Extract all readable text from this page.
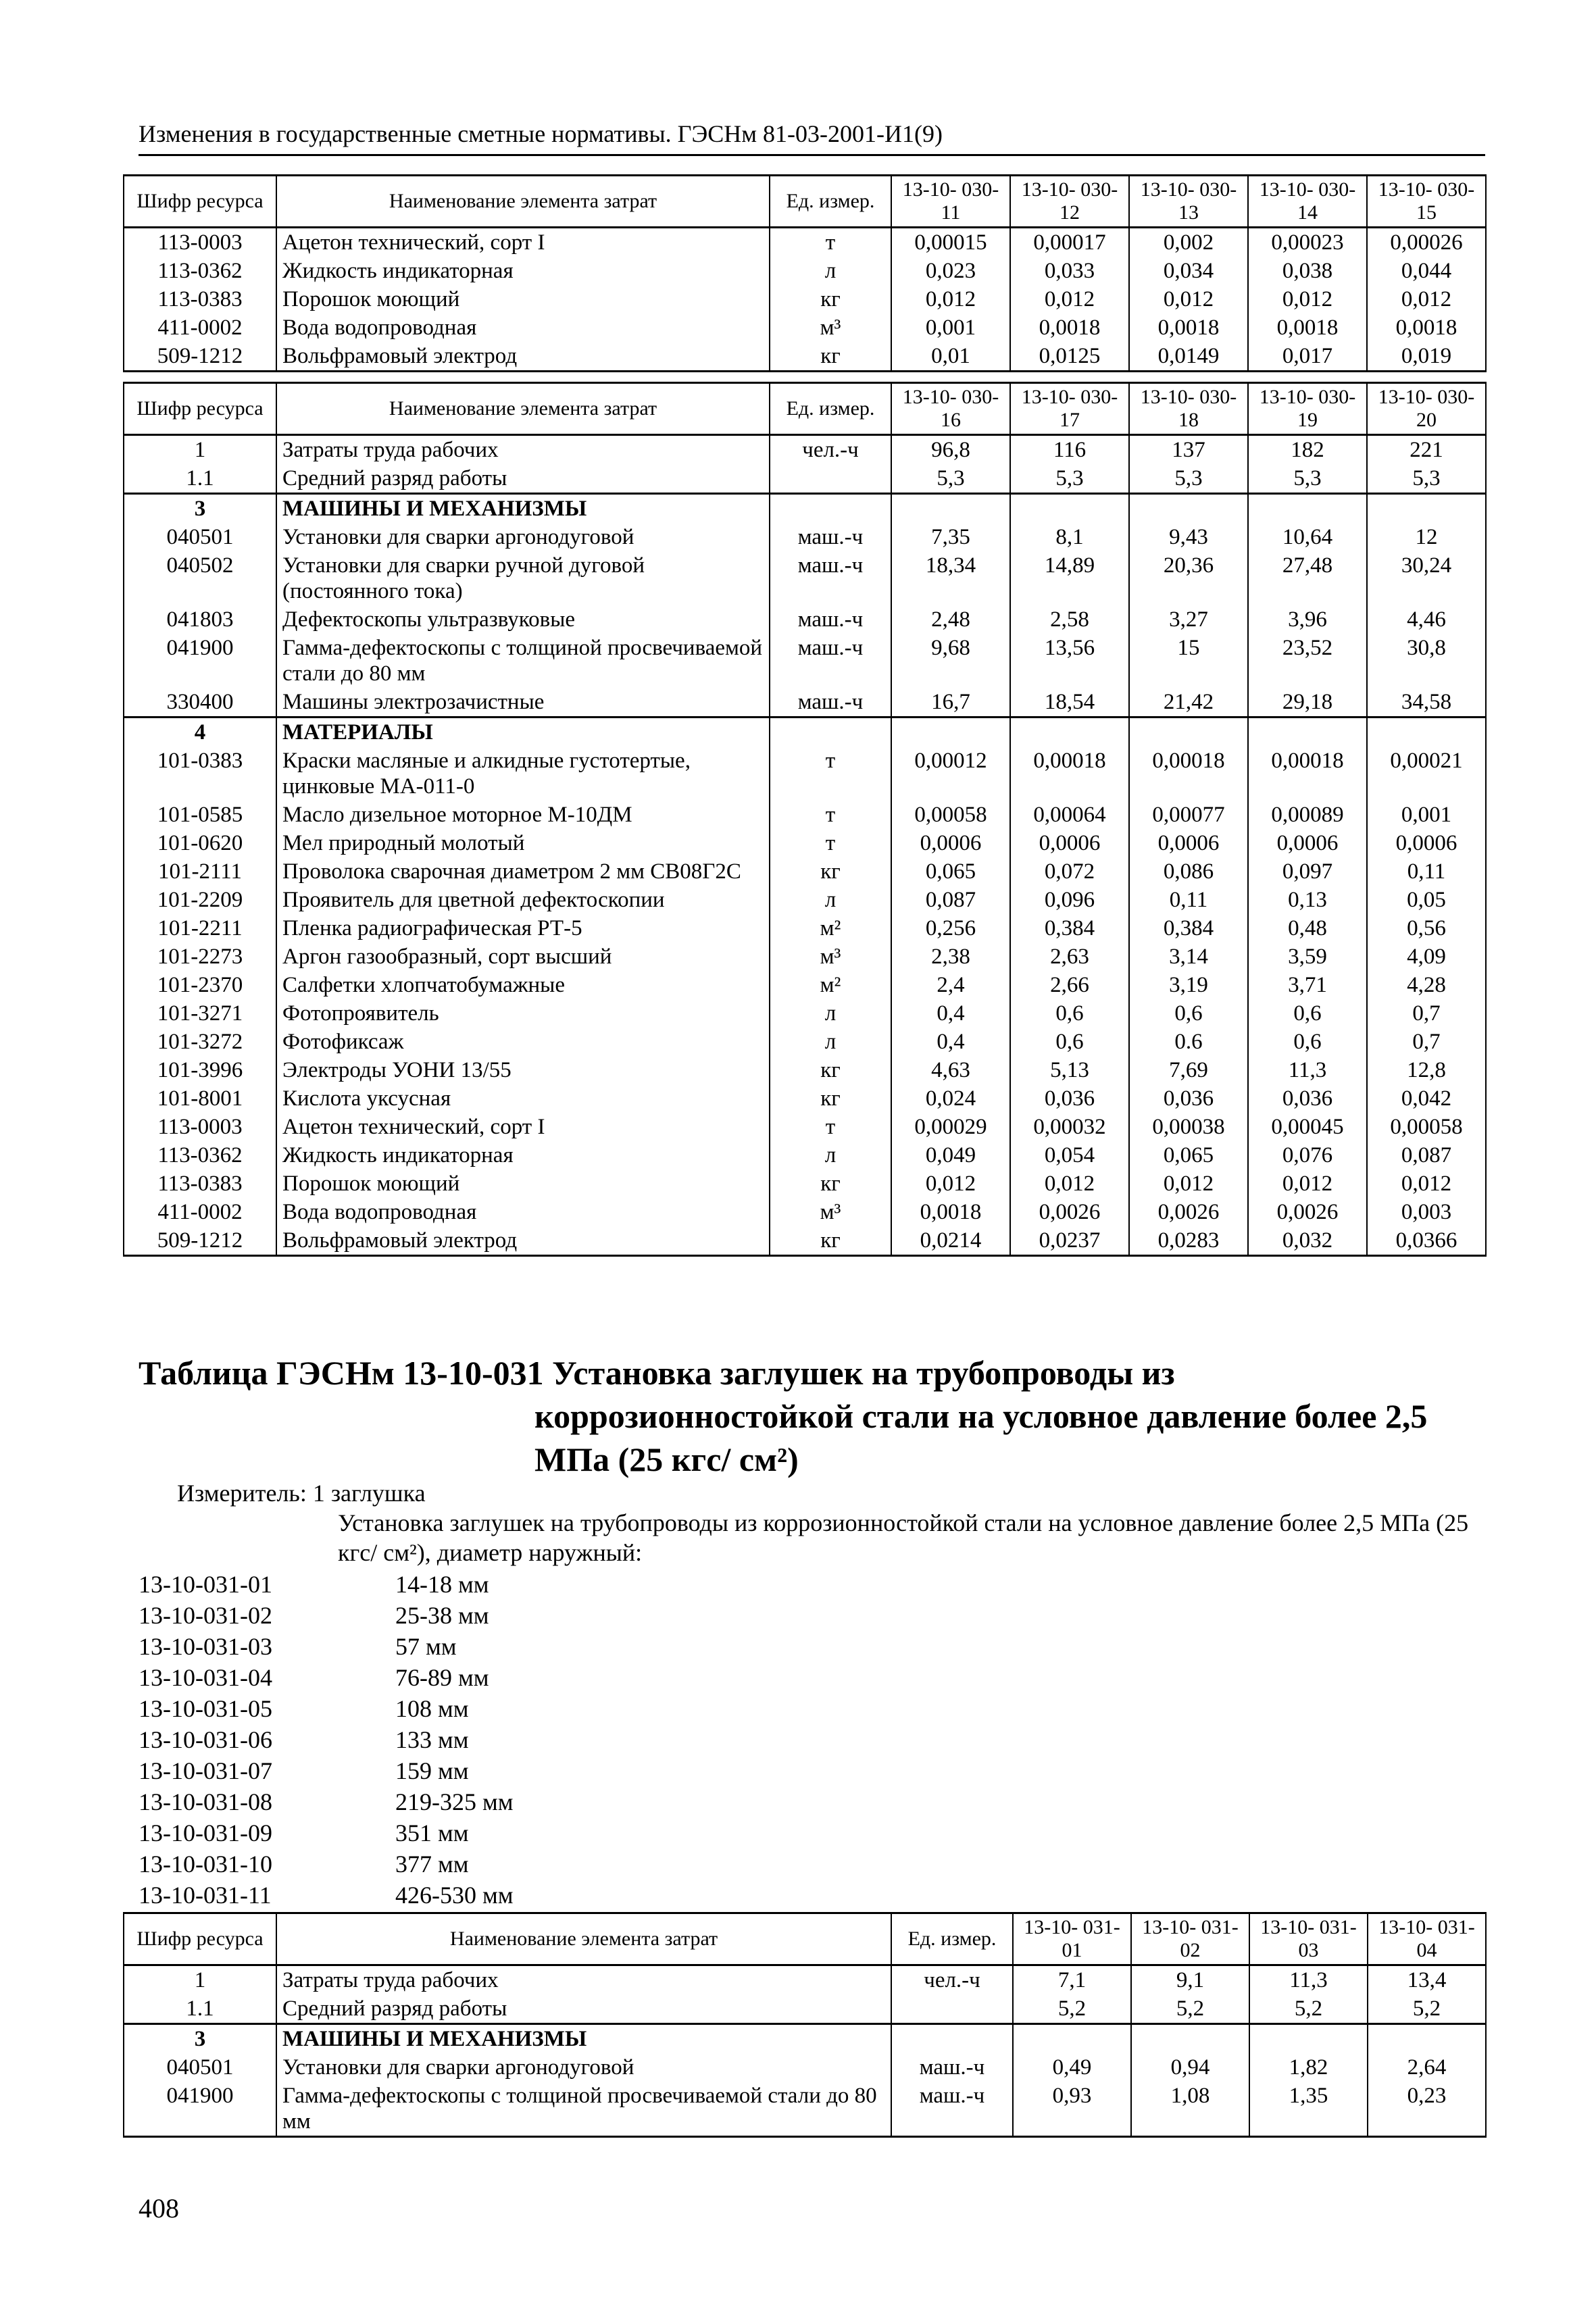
Изменения в государственные сметные нормативы. ГЭСНм 81-03-2001-И1(9)
Шифр ресурса	Наименование элемента затрат	Ед. измер.	13-10- 030-11	13-10- 030-12	13-10- 030-13	13-10- 030-14	13-10- 030-15
113-0003	Ацетон технический, сорт I	т	0,00015	0,00017	0,002	0,00023	0,00026
113-0362	Жидкость индикаторная	л	0,023	0,033	0,034	0,038	0,044
113-0383	Порошок моющий	кг	0,012	0,012	0,012	0,012	0,012
411-0002	Вода водопроводная	м³	0,001	0,0018	0,0018	0,0018	0,0018
509-1212	Вольфрамовый электрод	кг	0,01	0,0125	0,0149	0,017	0,019
Шифр ресурса	Наименование элемента затрат	Ед. измер.	13-10- 030-16	13-10- 030-17	13-10- 030-18	13-10- 030-19	13-10- 030-20
1	Затраты труда рабочих	чел.-ч	96,8	116	137	182	221
1.1	Средний разряд работы		5,3	5,3	5,3	5,3	5,3
3	МАШИНЫ И МЕХАНИЗМЫ						
040501	Установки для сварки аргонодуговой	маш.-ч	7,35	8,1	9,43	10,64	12
040502	Установки для сварки ручной дуговой (постоянного тока)	маш.-ч	18,34	14,89	20,36	27,48	30,24
041803	Дефектоскопы ультразвуковые	маш.-ч	2,48	2,58	3,27	3,96	4,46
041900	Гамма-дефектоскопы с толщиной просвечиваемой стали до 80 мм	маш.-ч	9,68	13,56	15	23,52	30,8
330400	Машины электрозачистные	маш.-ч	16,7	18,54	21,42	29,18	34,58
4	МАТЕРИАЛЫ						
101-0383	Краски масляные и алкидные густотертые, цинковые МА-011-0	т	0,00012	0,00018	0,00018	0,00018	0,00021
101-0585	Масло дизельное моторное М-10ДМ	т	0,00058	0,00064	0,00077	0,00089	0,001
101-0620	Мел природный молотый	т	0,0006	0,0006	0,0006	0,0006	0,0006
101-2111	Проволока сварочная диаметром 2 мм СВ08Г2С	кг	0,065	0,072	0,086	0,097	0,11
101-2209	Проявитель для цветной дефектоскопии	л	0,087	0,096	0,11	0,13	0,05
101-2211	Пленка радиографическая РТ-5	м²	0,256	0,384	0,384	0,48	0,56
101-2273	Аргон газообразный, сорт высший	м³	2,38	2,63	3,14	3,59	4,09
101-2370	Салфетки хлопчатобумажные	м²	2,4	2,66	3,19	3,71	4,28
101-3271	Фотопроявитель	л	0,4	0,6	0,6	0,6	0,7
101-3272	Фотофиксаж	л	0,4	0,6	0.6	0,6	0,7
101-3996	Электроды УОНИ 13/55	кг	4,63	5,13	7,69	11,3	12,8
101-8001	Кислота уксусная	кг	0,024	0,036	0,036	0,036	0,042
113-0003	Ацетон технический, сорт I	т	0,00029	0,00032	0,00038	0,00045	0,00058
113-0362	Жидкость индикаторная	л	0,049	0,054	0,065	0,076	0,087
113-0383	Порошок моющий	кг	0,012	0,012	0,012	0,012	0,012
411-0002	Вода водопроводная	м³	0,0018	0,0026	0,0026	0,0026	0,003
509-1212	Вольфрамовый электрод	кг	0,0214	0,0237	0,0283	0,032	0,0366
Таблица ГЭСНм 13-10-031 Установка заглушек на трубопроводы из
коррозионностойкой стали на условное давление более 2,5
МПа (25 кгс/ см²)
Измеритель: 1 заглушка
Установка заглушек на трубопроводы из коррозионностойкой стали на условное давление более 2,5 МПа (25 кгс/ см²), диаметр наружный:
13-10-031-01	14-18 мм
13-10-031-02	25-38 мм
13-10-031-03	57 мм
13-10-031-04	76-89 мм
13-10-031-05	108 мм
13-10-031-06	133 мм
13-10-031-07	159 мм
13-10-031-08	219-325 мм
13-10-031-09	351 мм
13-10-031-10	377 мм
13-10-031-11	426-530 мм
Шифр ресурса	Наименование элемента затрат	Ед. измер.	13-10- 031-01	13-10- 031-02	13-10- 031-03	13-10- 031-04
1	Затраты труда рабочих	чел.-ч	7,1	9,1	11,3	13,4
1.1	Средний разряд работы		5,2	5,2	5,2	5,2
3	МАШИНЫ И МЕХАНИЗМЫ					
040501	Установки для сварки аргонодуговой	маш.-ч	0,49	0,94	1,82	2,64
041900	Гамма-дефектоскопы с толщиной просвечиваемой стали до 80 мм	маш.-ч	0,93	1,08	1,35	0,23
408
